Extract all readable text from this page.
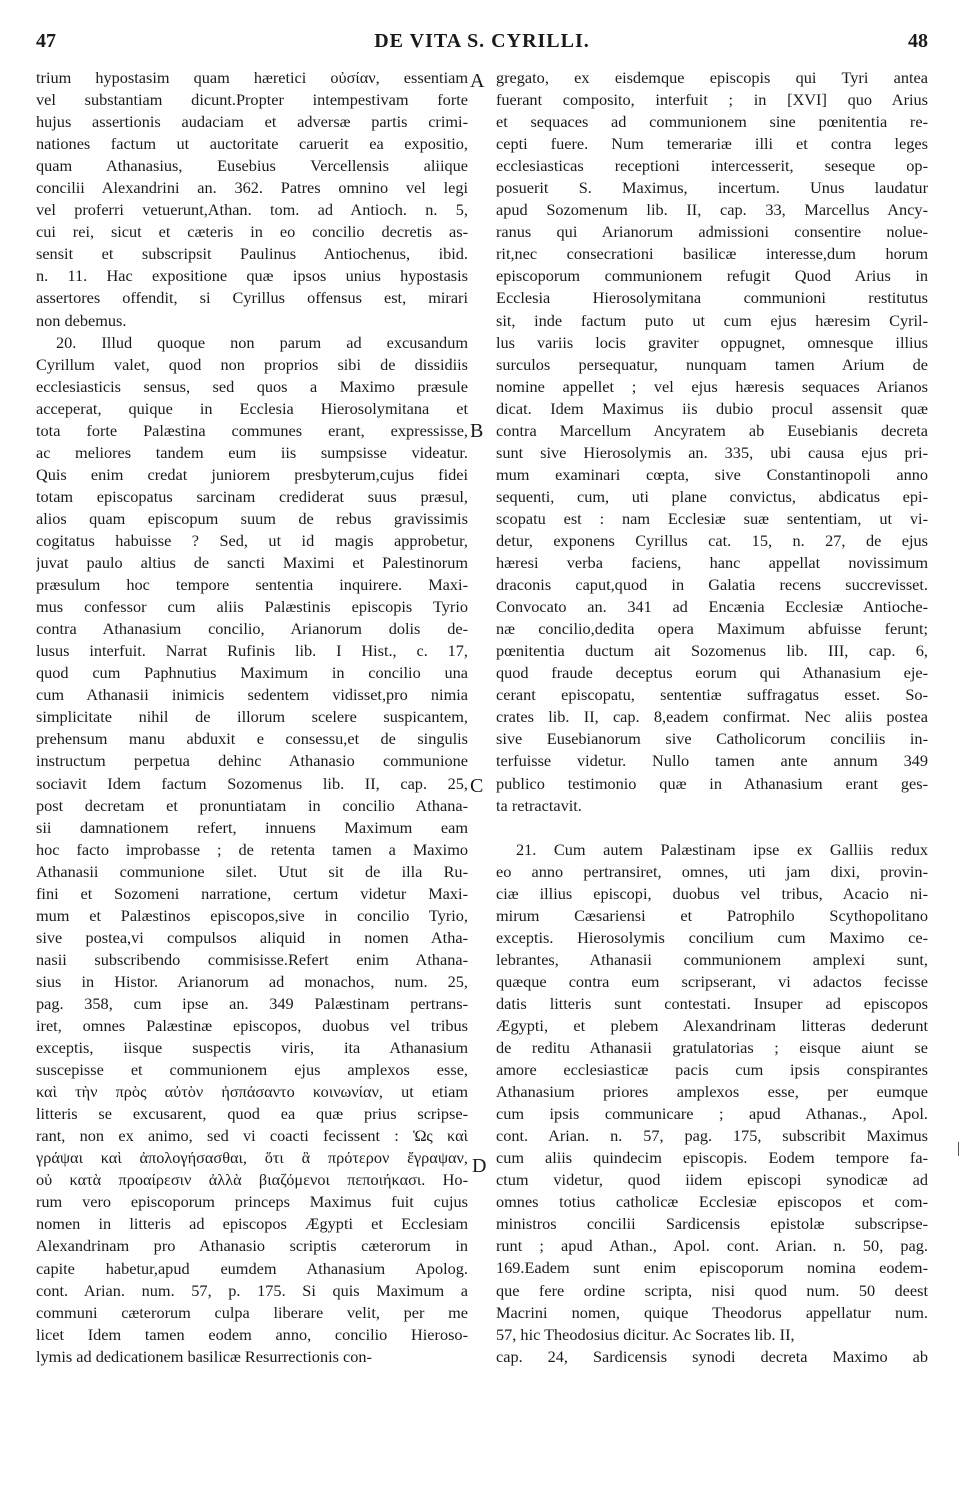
47	DE VITA S. CYRILLI.	48
trium hypostasim quam hæretici οὐσίαν, essentiam
vel substantiam dicunt.Propter intempestivam forte
hujus assertionis audaciam et adversæ partis crimi-
nationes factum ut auctoritate caruerit ea expositio,
quam Athanasius, Eusebius Vercellensis aliique
concilii Alexandrini an. 362. Patres omnino vel legi
vel proferri vetuerunt,Athan. tom. ad Antioch. n. 5,
cui rei, sicut et cæteris in eo concilio decretis as-
sensit et subscripsit Paulinus Antiochenus, ibid.
n. 11. Hac expositione quæ ipsos unius hypostasis
assertores offendit, si Cyrillus offensus est, mirari
non debemus.
20. Illud quoque non parum ad excusandum
Cyrillum valet, quod non proprios sibi de dissidiis
ecclesiasticis sensus, sed quos a Maximo præsule
acceperat, quique in Ecclesia Hierosolymitana et
tota forte Palæstina communes erant, expressisse,
ac meliores tandem eum iis sumpsisse videatur.
Quis enim credat juniorem presbyterum,cujus fidei
totam episcopatus sarcinam crediderat suus præsul,
alios quam episcopum suum de rebus gravissimis
cogitatus habuisse ? Sed, ut id magis approbetur,
juvat paulo altius de sancti Maximi et Palestinorum
præsulum hoc tempore sententia inquirere. Maxi-
mus confessor cum aliis Palæstinis episcopis Tyrio
contra Athanasium concilio, Arianorum dolis de-
lusus interfuit. Narrat Rufinis lib. I Hist., c. 17,
quod cum Paphnutius Maximum in concilio una
cum Athanasii inimicis sedentem vidisset,pro nimia
simplicitate nihil de illorum scelere suspicantem,
prehensum manu abduxit e consessu,et de singulis
instructum perpetua dehinc Athanasio communione
sociavit Idem factum Sozomenus lib. II, cap. 25,
post decretam et pronuntiatam in concilio Athana-
sii damnationem refert, innuens Maximum eam
hoc facto improbasse ; de retenta tamen a Maximo
Athanasii communione silet. Utut sit de illa Ru-
fini et Sozomeni narratione, certum videtur Maxi-
mum et Palæstinos episcopos,sive in concilio Tyrio,
sive postea,vi compulsos aliquid in nomen Atha-
nasii subscribendo commisisse.Refert enim Athana-
sius in Histor. Arianorum ad monachos, num. 25,
pag. 358, cum ipse an. 349 Palæstinam pertrans-
iret, omnes Palæstinæ episcopos, duobus vel tribus
exceptis, iisque suspectis viris, ita Athanasium
suscepisse et communionem ejus amplexos esse,
καὶ τὴν πρὸς αὐτὸν ἠσπάσαντο κοινωνίαν, ut etiam
litteris se excusarent, quod ea quæ prius scripse-
rant, non ex animo, sed vi coacti fecissent : Ὡς καὶ
γράψαι καὶ ἀπολογήσασθαι, ὅτι ἃ πρότερον ἔγραψαν,
οὐ κατὰ προαίρεσιν ἀλλὰ βιαζόμενοι πεποιήκασι. Ho-
rum vero episcoporum princeps Maximus fuit cujus
nomen in litteris ad episcopos Ægypti et Ecclesiam
Alexandrinam pro Athanasio scriptis cæterorum in
capite habetur,apud eumdem Athanasium Apolog.
cont. Arian. num. 57, p. 175. Si quis Maximum a
communi cæterorum culpa liberare velit, per me
licet Idem tamen eodem anno, concilio Hieroso-
lymis ad dedicationem basilicæ Resurrectionis con-
gregato, ex eisdemque episcopis qui Tyri antea
fuerant composito, interfuit ; in [XVI] quo Arius
et sequaces ad communionem sine pœnitentia re-
cepti fuere. Num temerariæ illi et contra leges
ecclesiasticas receptioni intercesserit, seseque op-
posuerit S. Maximus, incertum. Unus laudatur
apud Sozomenum lib. II, cap. 33, Marcellus Ancy-
ranus qui Arianorum admissioni consentire nolue-
rit,nec consecrationi basilicæ interesse,dum horum
episcoporum communionem refugit Quod Arius in
Ecclesia Hierosolymitana communioni restitutus
sit, inde factum puto ut cum ejus hæresim Cyril-
lus variis locis graviter oppugnet, omnesque illius
surculos persequatur, nunquam tamen Arium de
nomine appellet ; vel ejus hæresis sequaces Arianos
dicat. Idem Maximus iis dubio procul assensit quæ
contra Marcellum Ancyratem ab Eusebianis decreta
sunt sive Hierosolymis an. 335, ubi causa ejus pri-
mum examinari cœpta, sive Constantinopoli anno
sequenti, cum, uti plane convictus, abdicatus epi-
scopatu est : nam Ecclesiæ suæ sententiam, ut vi-
detur, exponens Cyrillus cat. 15, n. 27, de ejus
hæresi verba faciens, hanc appellat novissimum
draconis caput,quod in Galatia recens succrevisset.
Convocato an. 341 ad Encænia Ecclesiæ Antioche-
næ concilio,dedita opera Maximum abfuisse ferunt;
pœnitentia ductum ait Sozomenus lib. III, cap. 6,
quod fraude deceptus eorum qui Athanasium eje-
cerant episcopatu, sententiæ suffragatus esset. So-
crates lib. II, cap. 8,eadem confirmat. Nec aliis postea
sive Eusebianorum sive Catholicorum conciliis in-
terfuisse videtur. Nullo tamen ante annum 349
publico testimonio quæ in Athanasium erant ges-
ta retractavit.
21. Cum autem Palæstinam ipse ex Galliis redux
eo anno pertransiret, omnes, uti jam dixi, provin-
ciæ illius episcopi, duobus vel tribus, Acacio ni-
mirum Cæsariensi et Patrophilo Scythopolitano
exceptis. Hierosolymis concilium cum Maximo ce-
lebrantes, Athanasii communionem amplexi sunt,
quæque contra eum scripserant, vi adactos fecisse
datis litteris sunt contestati. Insuper ad episcopos
Ægypti, et plebem Alexandrinam litteras dederunt
de reditu Athanasii gratulatorias ; eisque aiunt se
amore ecclesiasticæ pacis cum ipsis conspirantes
Athanasium priores amplexos esse, per eumque
cum ipsis communicare ; apud Athanas., Apol.
cont. Arian. n. 57, pag. 175, subscribit Maximus
cum aliis quindecim episcopis. Eodem tempore fa-
ctum videtur, quod iidem episcopi synodicæ ad
omnes totius catholicæ Ecclesiæ episcopos et com-
ministros concilii Sardicensis epistolæ subscripse-
runt ; apud Athan., Apol. cont. Arian. n. 50, pag.
169.Eadem sunt enim episcoporum nomina eodem-
que fere ordine scripta, nisi quod num. 50 deest
Macrini nomen, quique Theodorus appellatur num.
57, hic Theodosius dicitur. Ac Socrates lib. II,
cap. 24, Sardicensis synodi decreta Maximo ab
A
B
C
D
